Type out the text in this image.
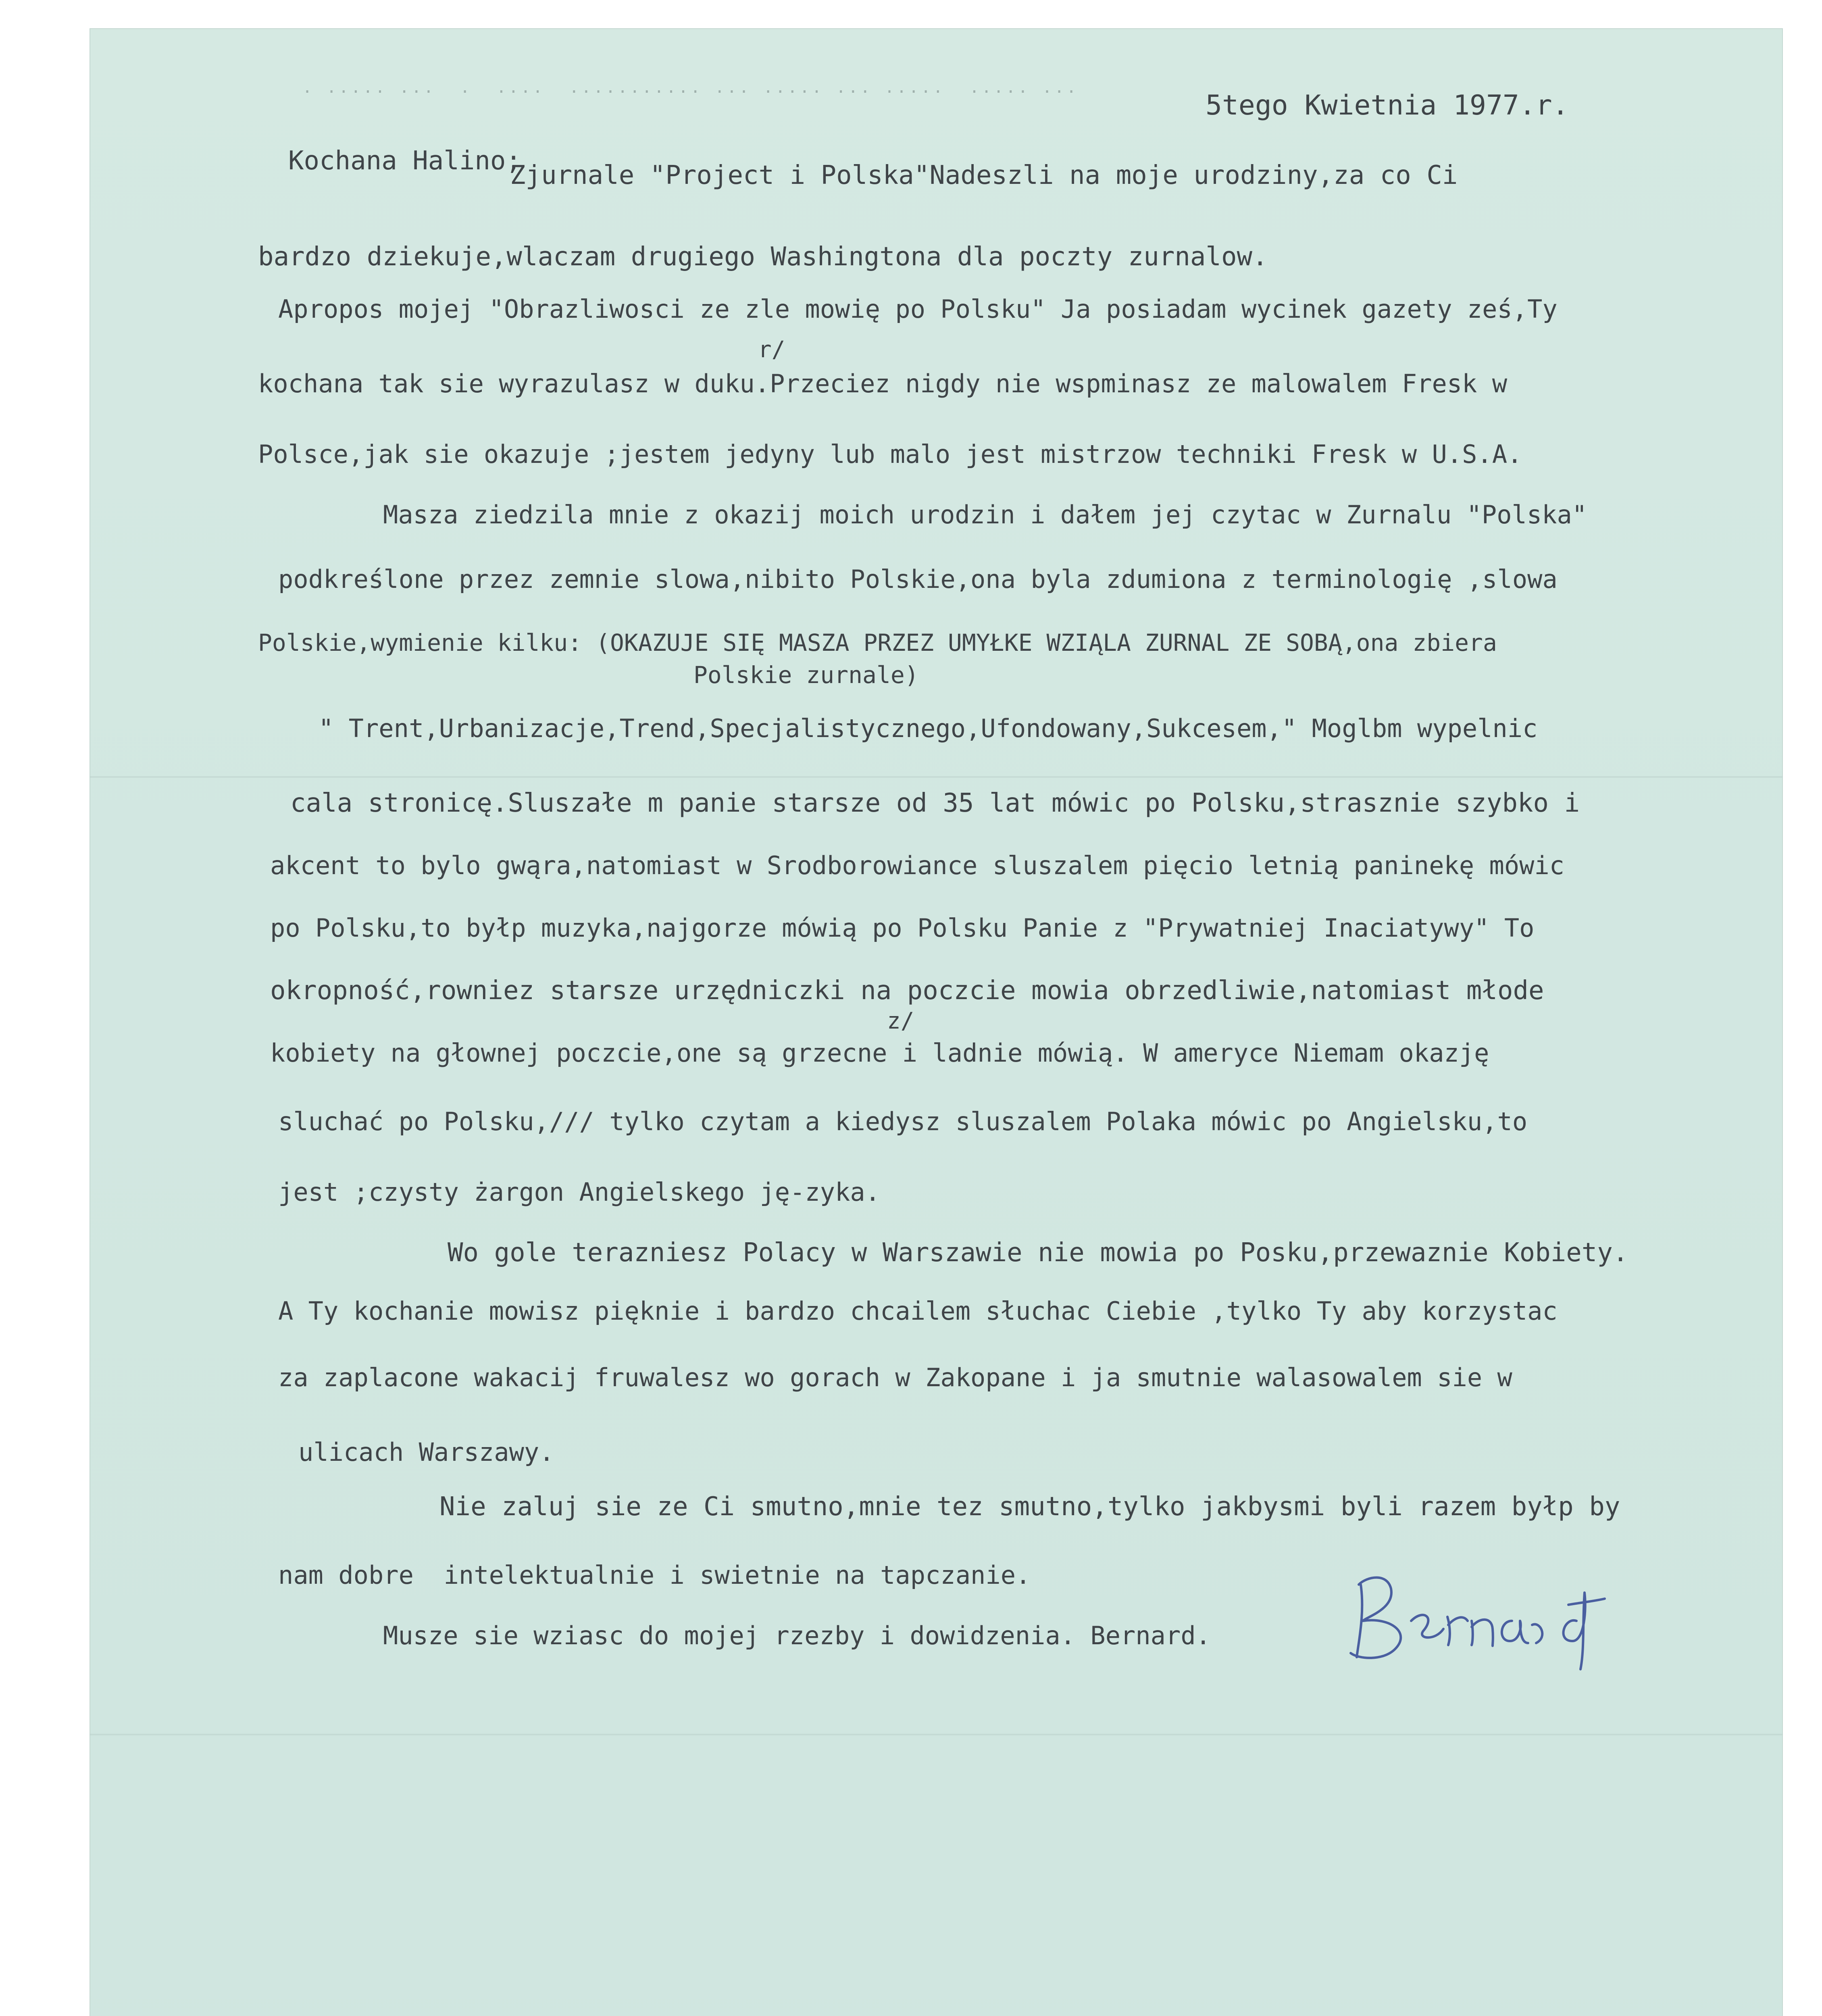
· ····· ···  ·  ····  ··········· ··· ····· ··· ·····  ····· ···	5tego Kwietnia 1977.r.
Kochana Halino;
Zjurnale "Project i Polska"Nadeszli na moje urodziny,za co Ci
bardzo dziekuje,wlaczam drugiego Washingtona dla poczty zurnalow.
Apropos mojej "Obrazliwosci ze zle mowię po Polsku" Ja posiadam wycinek gazety ześ,Ty
r/
kochana tak sie wyrazulasz w duku.Przeciez nigdy nie wspminasz ze malowalem Fresk w
Polsce,jak sie okazuje ;jestem jedyny lub malo jest mistrzow techniki Fresk w U.S.A.
Masza ziedzila mnie z okazij moich urodzin i dałem jej czytac w Zurnalu "Polska"
podkreślone przez zemnie slowa,nibito Polskie,ona byla zdumiona z terminologię ,slowa
Polskie,wymienie kilku: (OKAZUJE SIĘ MASZA PRZEZ UMYŁKE WZIĄLA ZURNAL ZE SOBĄ,ona zbiera
Polskie zurnale)
" Trent,Urbanizacje,Trend,Specjalistycznego,Ufondowany,Sukcesem," Moglbm wypelnic
cala stronicę.Sluszałe m panie starsze od 35 lat mówic po Polsku,strasznie szybko i
akcent to bylo gwąra,natomiast w Srodborowiance sluszalem pięcio letnią paninekę mówic
po Polsku,to byłp muzyka,najgorze mówią po Polsku Panie z "Prywatniej Inaciatywy" To
okropność,rowniez starsze urzędniczki na poczcie mowia obrzedliwie,natomiast młode
z/
kobiety na głownej poczcie,one są grzecne i ladnie mówią. W ameryce Niemam okazję
sluchać po Polsku,/// tylko czytam a kiedysz sluszalem Polaka mówic po Angielsku,to
jest ;czysty żargon Angielskego ję-zyka.
Wo gole terazniesz Polacy w Warszawie nie mowia po Posku,przewaznie Kobiety.
A Ty kochanie mowisz pięknie i bardzo chcailem słuchac Ciebie ,tylko Ty aby korzystac
za zaplacone wakacij fruwalesz wo gorach w Zakopane i ja smutnie walasowalem sie w
ulicach Warszawy.
Nie zaluj sie ze Ci smutno,mnie tez smutno,tylko jakbysmi byli razem byłp by
nam dobre  intelektualnie i swietnie na tapczanie.
Musze sie wziasc do mojej rzezby i dowidzenia. Bernard.
Bernard
